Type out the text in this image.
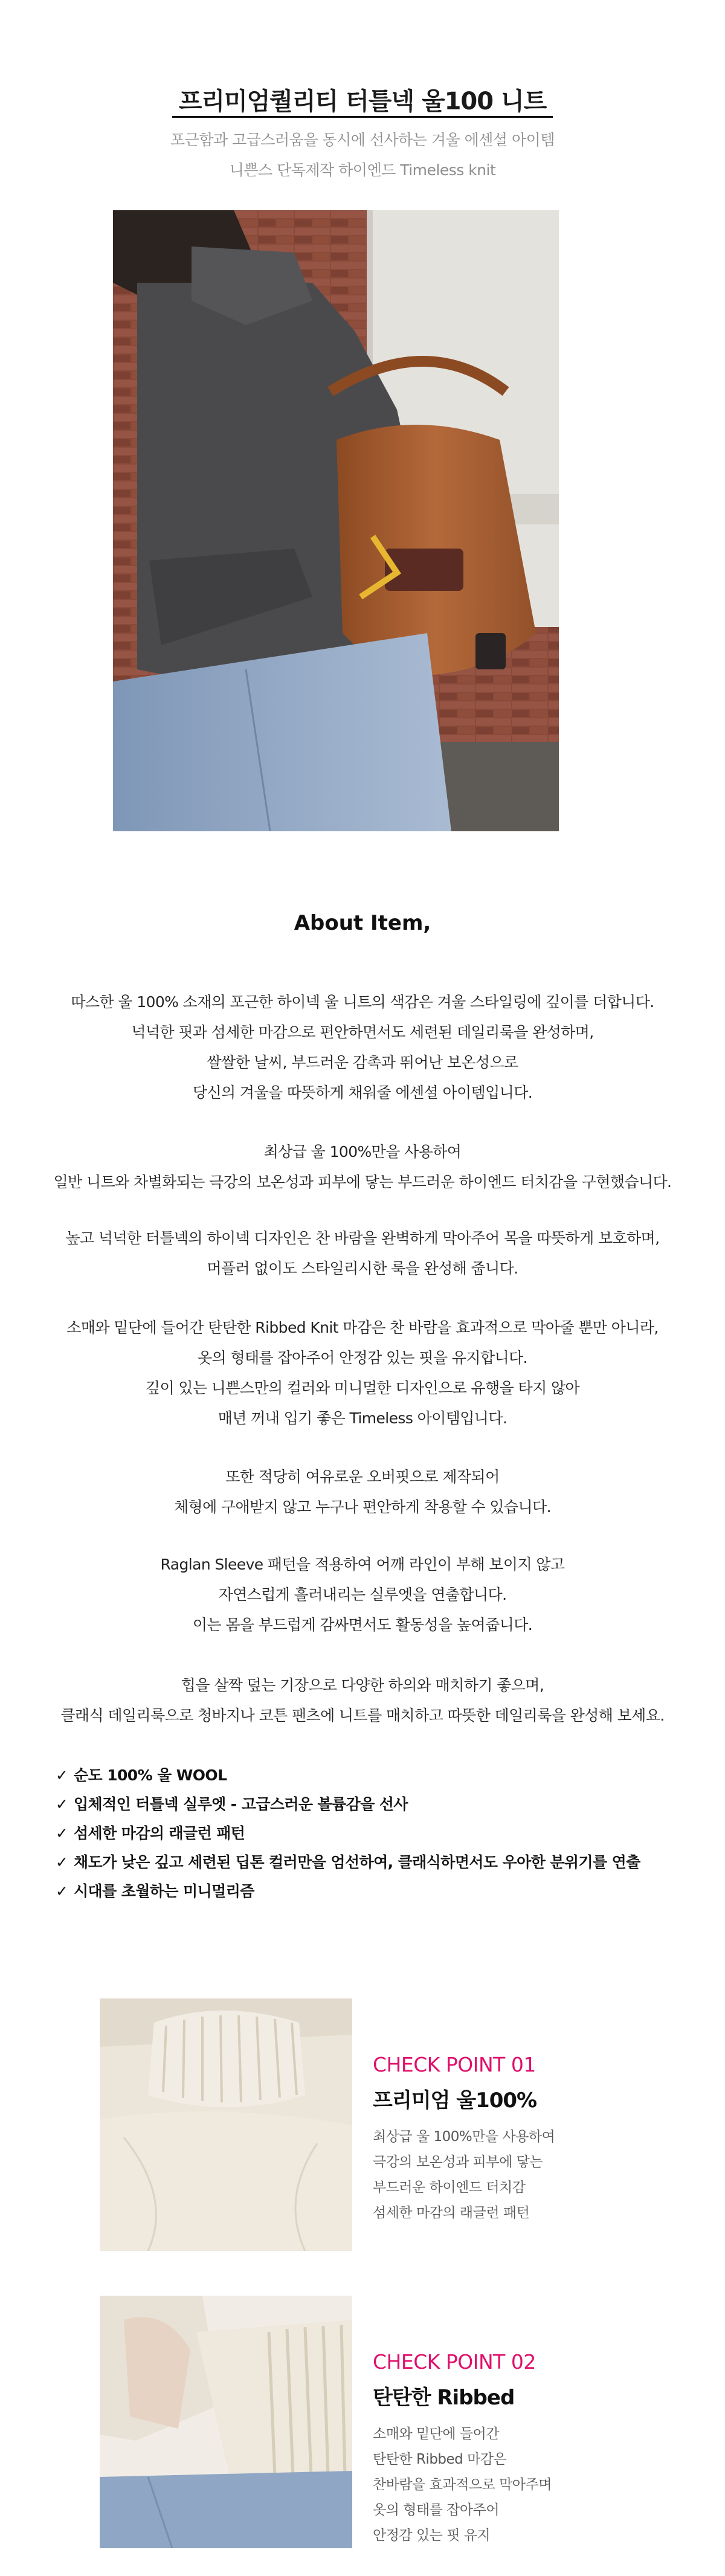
프리미엄퀄리티 터틀넥 울100 니트
포근함과 고급스러움을 동시에 선사하는 겨울 에센셜 아이템
니쁜스 단독제작 하이엔드 Timeless knit
About Item,
따스한 울 100% 소재의 포근한 하이넥 울 니트의 색감은 겨울 스타일링에 깊이를 더합니다.
넉넉한 핏과 섬세한 마감으로 편안하면서도 세련된 데일리룩을 완성하며,
쌀쌀한 날씨, 부드러운 감촉과 뛰어난 보온성으로
당신의 겨울을 따뜻하게 채워줄 에센셜 아이템입니다.
최상급 울 100%만을 사용하여
일반 니트와 차별화되는 극강의 보온성과 피부에 닿는 부드러운 하이엔드 터치감을 구현했습니다.
높고 넉넉한 터틀넥의 하이넥 디자인은 찬 바람을 완벽하게 막아주어 목을 따뜻하게 보호하며,
머플러 없이도 스타일리시한 룩을 완성해 줍니다.
소매와 밑단에 들어간 탄탄한 Ribbed Knit 마감은 찬 바람을 효과적으로 막아줄 뿐만 아니라,
옷의 형태를 잡아주어 안정감 있는 핏을 유지합니다.
깊이 있는 니쁜스만의 컬러와 미니멀한 디자인으로 유행을 타지 않아
매년 꺼내 입기 좋은 Timeless 아이템입니다.
또한 적당히 여유로운 오버핏으로 제작되어
체형에 구애받지 않고 누구나 편안하게 착용할 수 있습니다.
Raglan Sleeve 패턴을 적용하여 어깨 라인이 부해 보이지 않고
자연스럽게 흘러내리는 실루엣을 연출합니다.
이는 몸을 부드럽게 감싸면서도 활동성을 높여줍니다.
힙을 살짝 덮는 기장으로 다양한 하의와 매치하기 좋으며,
클래식 데일리룩으로 청바지나 코튼 팬츠에 니트를 매치하고 따뜻한 데일리룩을 완성해 보세요.
✓ 순도 100% 울 WOOL
✓ 입체적인 터틀넥 실루엣 - 고급스러운 볼륨감을 선사
✓ 섬세한 마감의 래글런 패턴
✓ 채도가 낮은 깊고 세련된 딥톤 컬러만을 엄선하여, 클래식하면서도 우아한 분위기를 연출
✓ 시대를 초월하는 미니멀리즘
CHECK POINT 01
프리미엄 울100%
최상급 울 100%만을 사용하여
극강의 보온성과 피부에 닿는
부드러운 하이엔드 터치감
섬세한 마감의 래글런 패턴
CHECK POINT 02
탄탄한 Ribbed
소매와 밑단에 들어간
탄탄한 Ribbed 마감은
찬바람을 효과적으로 막아주며
옷의 형태를 잡아주어
안정감 있는 핏 유지
